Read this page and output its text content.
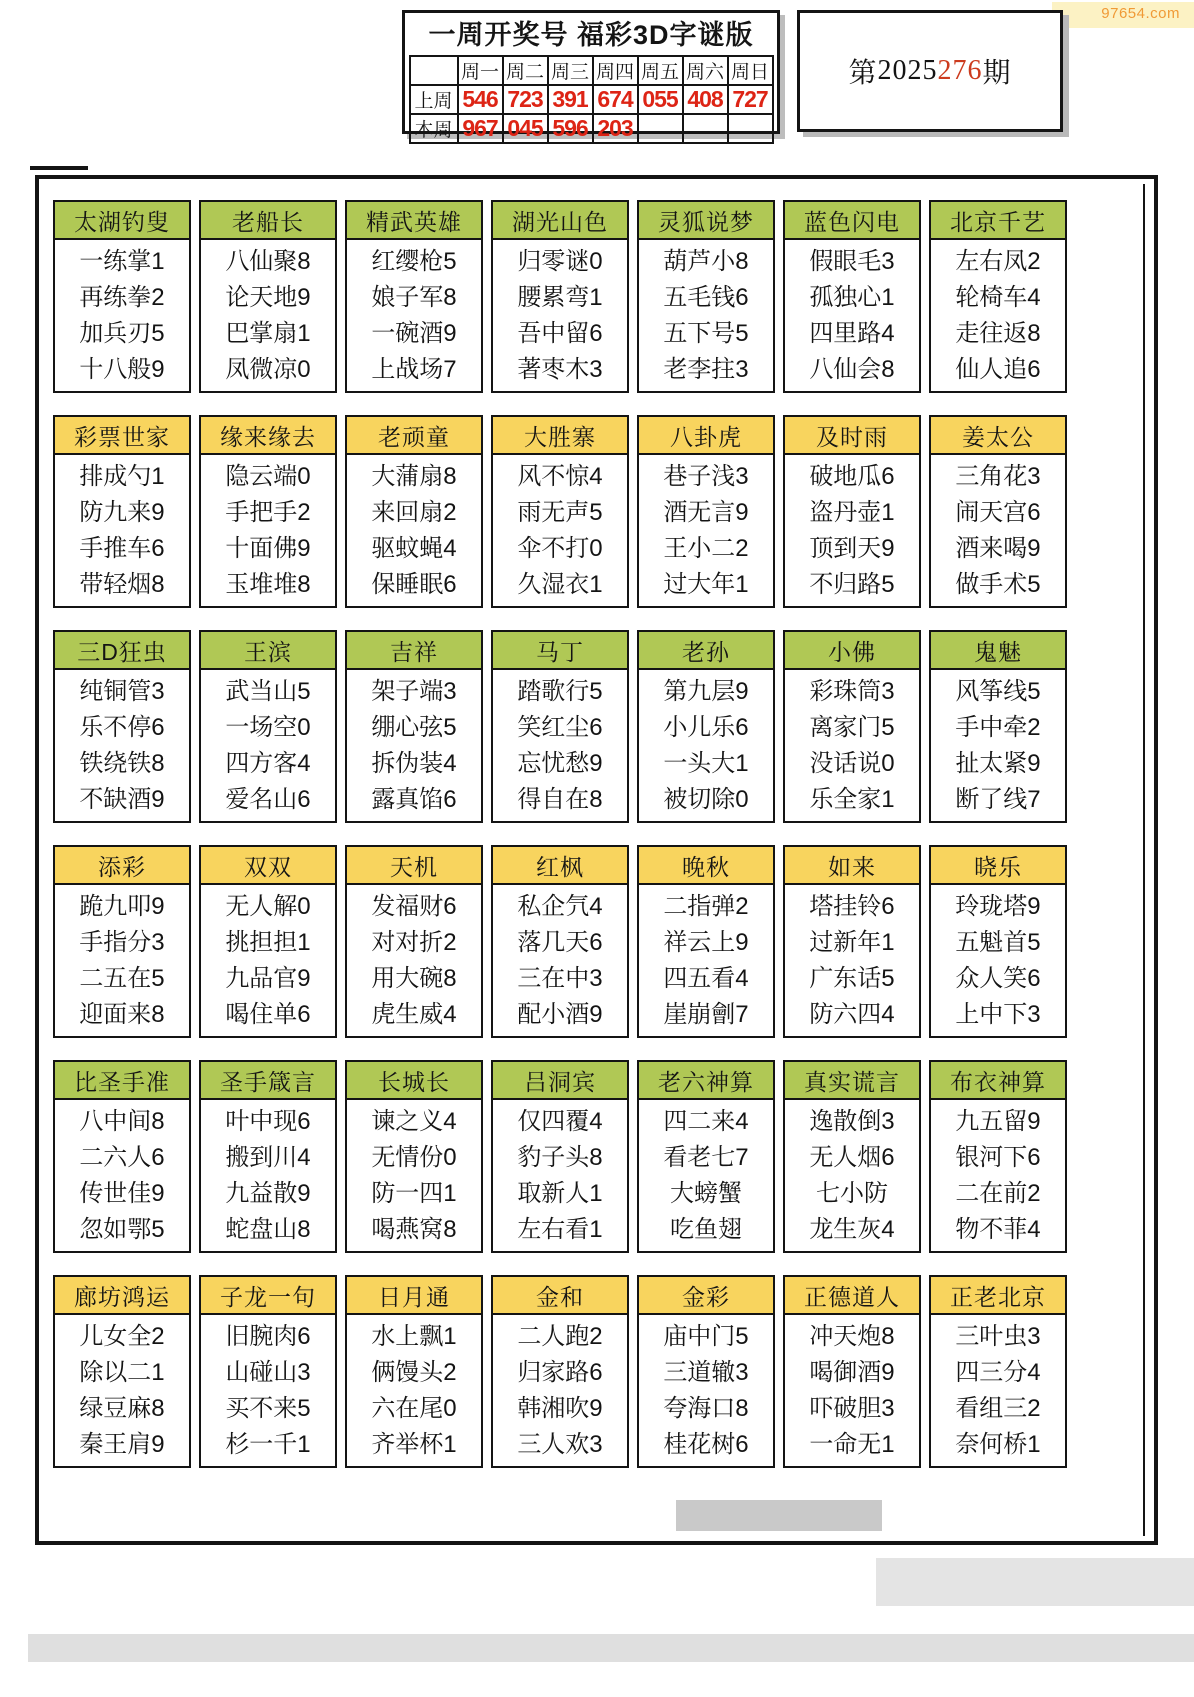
97654.com
一周开奖号 福彩3D字谜版
	周一	周二	周三	周四	周五	周六	周日
上周	546	723	391	674	055	408	727
本周	967	045	596	203			
第 2025 276 期
太湖钓叟
一练掌1
再练拳2
加兵刃5
十八般9
老船长
八仙聚8
论天地9
巴掌扇1
凤微凉0
精武英雄
红缨枪5
娘子军8
一碗酒9
上战场7
湖光山色
归零谜0
腰累弯1
吾中留6
著枣木3
灵狐说梦
葫芦小8
五毛钱6
五下号5
老李拄3
蓝色闪电
假眼毛3
孤独心1
四里路4
八仙会8
北京千艺
左右凤2
轮椅车4
走往返8
仙人追6
彩票世家
排成勺1
防九来9
手推车6
带轻烟8
缘来缘去
隐云端0
手把手2
十面佛9
玉堆堆8
老顽童
大蒲扇8
来回扇2
驱蚊蝇4
保睡眠6
大胜寨
风不惊4
雨无声5
伞不打0
久湿衣1
八卦虎
巷子浅3
酒无言9
王小二2
过大年1
及时雨
破地瓜6
盗丹壶1
顶到天9
不归路5
姜太公
三角花3
闹天宫6
酒来喝9
做手术5
三D狂虫
纯铜管3
乐不停6
铁绕铁8
不缺酒9
王滨
武当山5
一场空0
四方客4
爱名山6
吉祥
架子端3
绷心弦5
拆伪装4
露真馅6
马丁
踏歌行5
笑红尘6
忘忧愁9
得自在8
老孙
第九层9
小儿乐6
一头大1
被切除0
小佛
彩珠筒3
离家门5
没话说0
乐全家1
鬼魅
风筝线5
手中牵2
扯太紧9
断了线7
添彩
跪九叩9
手指分3
二五在5
迎面来8
双双
无人解0
挑担担1
九品官9
喝住单6
天机
发福财6
对对折2
用大碗8
虎生威4
红枫
私企氕4
落几天6
三在中3
配小酒9
晚秋
二指弹2
祥云上9
四五看4
崖崩劊7
如来
塔挂铃6
过新年1
广东话5
防六四4
晓乐
玲珑塔9
五魁首5
众人笑6
上中下3
比圣手准
八中间8
二六人6
传世佳9
忽如鄂5
圣手箴言
叶中现6
搬到川4
九益散9
蛇盘山8
长城长
谏之义4
无情份0
防一四1
喝燕窝8
吕洞宾
仅四覆4
豹子头8
取新人1
左右看1
老六神算
四二来4
看老七7
大螃蟹
吃鱼翅
真实谎言
逸散倒3
无人烟6
七小防
龙生灰4
布衣神算
九五留9
银河下6
二在前2
物不菲4
廊坊鸿运
儿女全2
除以二1
绿豆麻8
秦王肩9
子龙一句
旧腕肉6
山碰山3
买不来5
杉一千1
日月通
水上飘1
俩馒头2
六在尾0
齐举杯1
金和
二人跑2
归家路6
韩湘吹9
三人欢3
金彩
庙中门5
三道辙3
夸海口8
桂花树6
正德道人
冲天炮8
喝御酒9
吓破胆3
一命无1
正老北京
三叶虫3
四三分4
看组三2
奈何桥1
